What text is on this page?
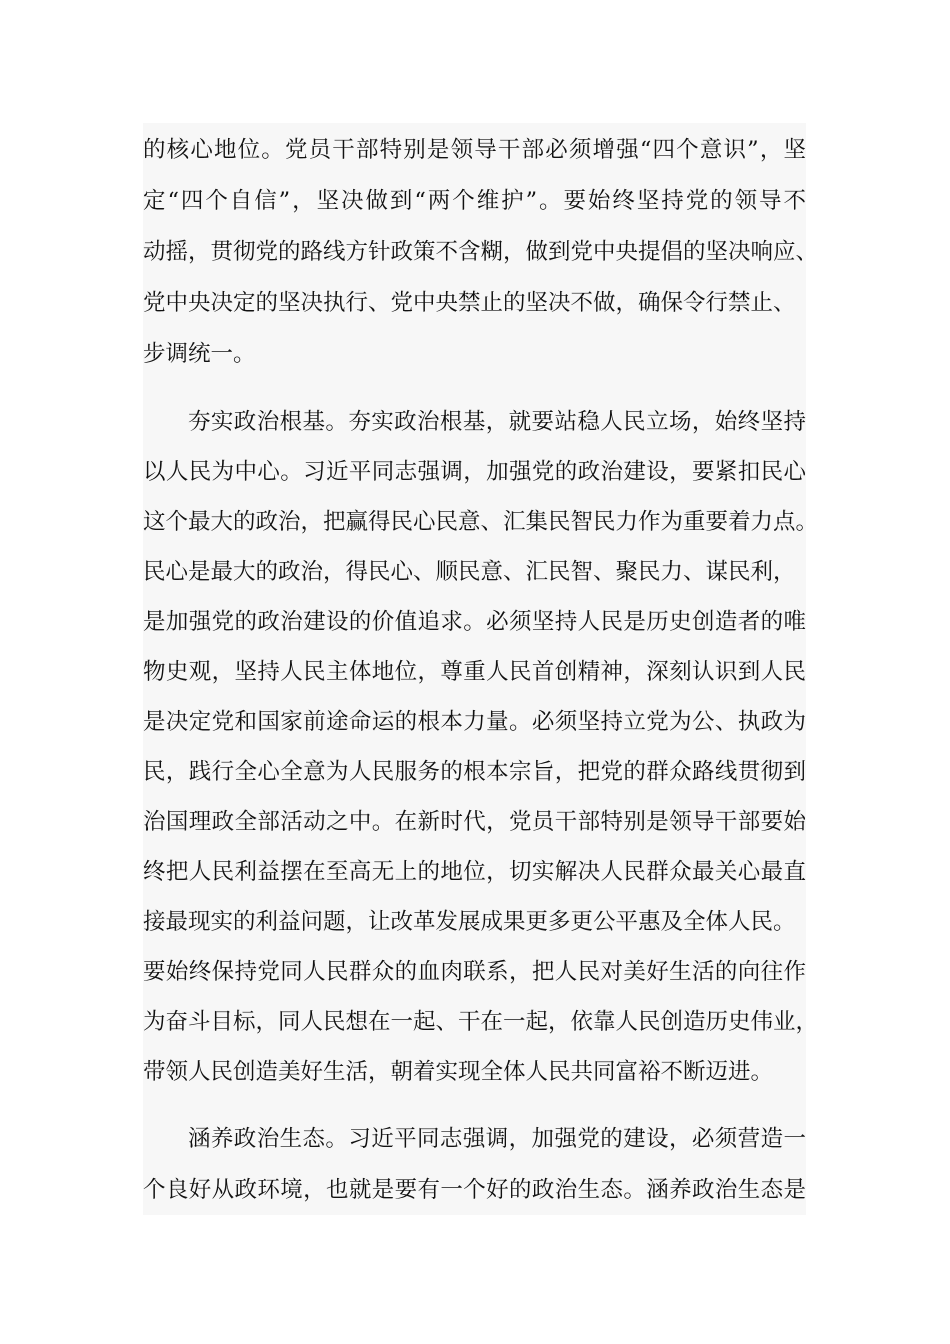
的核心地位。党员干部特别是领导干部必须增强“四个意识”，坚
定“四个自信”，坚决做到“两个维护”。要始终坚持党的领导不
动摇，贯彻党的路线方针政策不含糊，做到党中央提倡的坚决响应、
党中央决定的坚决执行、党中央禁止的坚决不做，确保令行禁止、
步调统一。
夯实政治根基。夯实政治根基，就要站稳人民立场，始终坚持
以人民为中心。习近平同志强调，加强党的政治建设，要紧扣民心
这个最大的政治，把赢得民心民意、汇集民智民力作为重要着力点。
民心是最大的政治，得民心、顺民意、汇民智、聚民力、谋民利，
是加强党的政治建设的价值追求。必须坚持人民是历史创造者的唯
物史观，坚持人民主体地位，尊重人民首创精神，深刻认识到人民
是决定党和国家前途命运的根本力量。必须坚持立党为公、执政为
民，践行全心全意为人民服务的根本宗旨，把党的群众路线贯彻到
治国理政全部活动之中。在新时代，党员干部特别是领导干部要始
终把人民利益摆在至高无上的地位，切实解决人民群众最关心最直
接最现实的利益问题，让改革发展成果更多更公平惠及全体人民。
要始终保持党同人民群众的血肉联系，把人民对美好生活的向往作
为奋斗目标，同人民想在一起、干在一起，依靠人民创造历史伟业，
带领人民创造美好生活，朝着实现全体人民共同富裕不断迈进。
涵养政治生态。习近平同志强调，加强党的建设，必须营造一
个良好从政环境，也就是要有一个好的政治生态。涵养政治生态是
